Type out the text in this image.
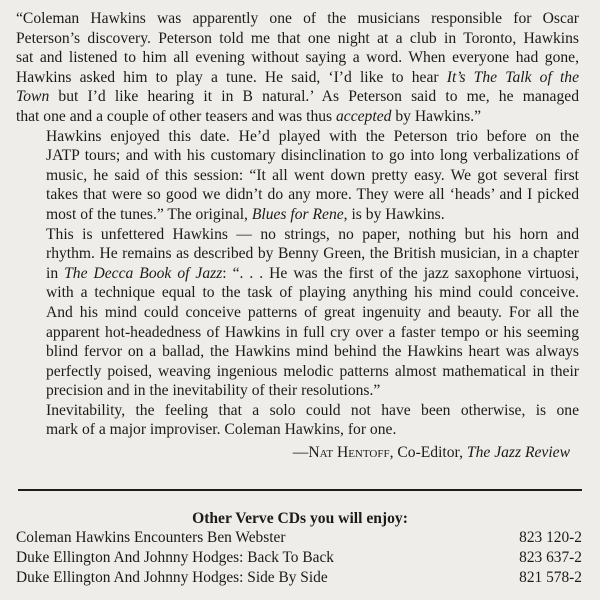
“Coleman Hawkins was apparently one of the musicians responsible for Oscar
Peterson’s discovery. Peterson told me that one night at a club in Toronto, Hawkins
sat and listened to him all evening without saying a word. When everyone had gone,
Hawkins asked him to play a tune. He said, ‘I’d like to hear It’s The Talk of the
Town but I’d like hearing it in B natural.’ As Peterson said to me, he managed
that one and a couple of other teasers and was thus accepted by Hawkins.”

Hawkins enjoyed this date. He’d played with the Peterson trio before on the
JATP tours; and with his customary disinclination to go into long verbalizations of
music, he said of this session: “It all went down pretty easy. We got several first
takes that were so good we didn’t do any more. They were all ‘heads’ and I picked
most of the tunes.” The original, Blues for Rene, is by Hawkins.

This is unfettered Hawkins — no strings, no paper, nothing but his horn and
rhythm. He remains as described by Benny Green, the British musician, in a chapter
in The Decca Book of Jazz: “. . . He was the first of the jazz saxophone virtuosi,
with a technique equal to the task of playing anything his mind could conceive.
And his mind could conceive patterns of great ingenuity and beauty. For all the
apparent hot-headedness of Hawkins in full cry over a faster tempo or his seeming
blind fervor on a ballad, the Hawkins mind behind the Hawkins heart was always
perfectly poised, weaving ingenious melodic patterns almost mathematical in their
precision and in the inevitability of their resolutions.”

Inevitability, the feeling that a solo could not have been otherwise, is one
mark of a major improviser. Coleman Hawkins, for one.

—Nat Hentoff, Co-Editor, The Jazz Review
Other Verve CDs you will enjoy:
Coleman Hawkins Encounters Ben Webster	823 120-2
Duke Ellington And Johnny Hodges: Back To Back	823 637-2
Duke Ellington And Johnny Hodges: Side By Side	821 578-2
